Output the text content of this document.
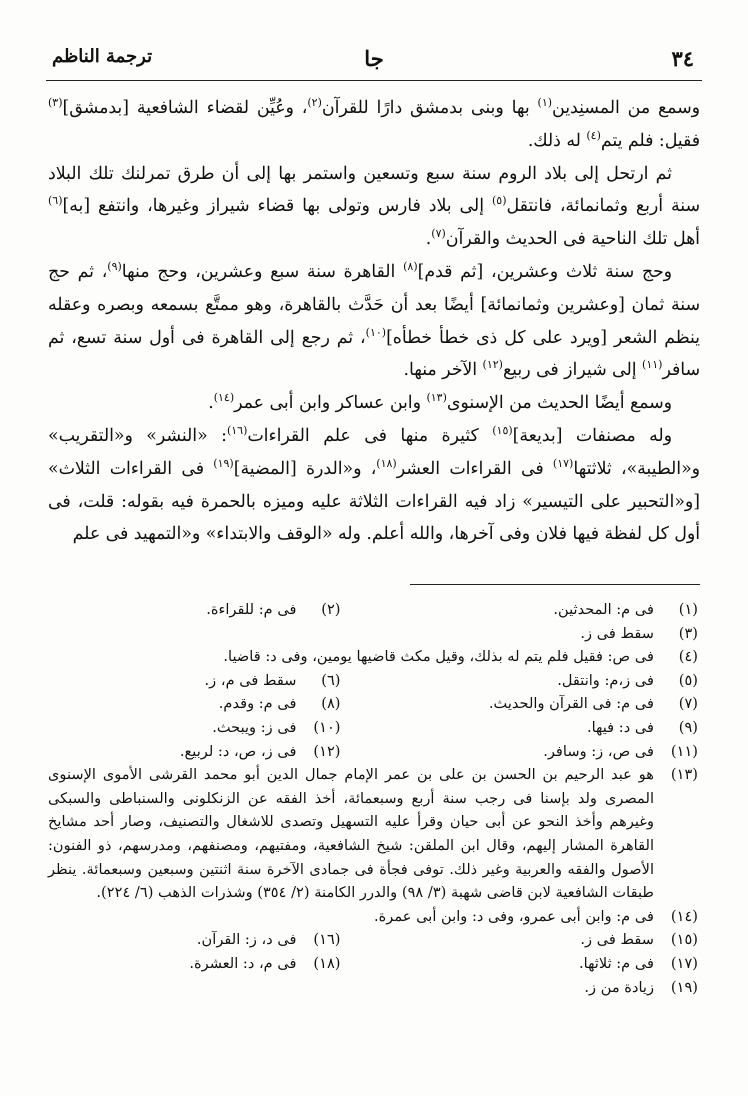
٣٤
جا
ترجمة الناظم

وسمع من المسنِدين$^{(١)}$ بها وبنى بدمشق دارًا للقرآن$^{(٢)}$، وعُيِّن لقضاء الشافعية [بدمشق]$^{(٣)}$ فقيل: فلم يتم$^{(٤)}$ له ذلك.

ثم ارتحل إلى بلاد الروم سنة سبع وتسعين واستمر بها إلى أن طرق تمرلنك تلك البلاد سنة أربع وثمانمائة، فانتقل$^{(٥)}$ إلى بلاد فارس وتولى بها قضاء شيراز وغيرها، وانتفع [به]$^{(٦)}$ أهل تلك الناحية فى الحديث والقرآن$^{(٧)}$.

وحج سنة ثلاث وعشرين، [ثم قدم]$^{(٨)}$ القاهرة سنة سبع وعشرين، وحج منها$^{(٩)}$، ثم حج سنة ثمان [وعشرين وثمانمائة] أيضًا بعد أن حَدَّث بالقاهرة، وهو ممتَّع بسمعه وبصره وعقله ينظم الشعر [ويرد على كل ذى خطأ خطأه]$^{(١٠)}$، ثم رجع إلى القاهرة فى أول سنة تسع، ثم سافر$^{(١١)}$ إلى شيراز فى ربيع$^{(١٢)}$ الآخر منها.

وسمع أيضًا الحديث من الإسنوى$^{(١٣)}$ وابن عساكر وابن أبى عمر$^{(١٤)}$.

وله مصنفات [بديعة]$^{(١٥)}$ كثيرة منها فى علم القراءات$^{(١٦)}$: «النشر» و«التقريب» و«الطيبة»، ثلاثتها$^{(١٧)}$ فى القراءات العشر$^{(١٨)}$، و«الدرة [المضية]$^{(١٩)}$ فى القراءات الثلاث» [و«التحبير على التيسير» زاد فيه القراءات الثلاثة عليه وميزه بالحمرة فيه بقوله: قلت، فى أول كل لفظة فيها فلان وفى آخرها، والله أعلم. وله «الوقف والابتداء» و«التمهيد فى علم

(١)
فى م: المحدثين.
(٢)
فى م: للقراءة.
(٣)
سقط فى ز.
(٤)
فى ص: فقيل فلم يتم له بذلك، وقيل مكث قاضيها يومين، وفى د: قاضيا.
(٥)
فى ز،م: وانتقل.
(٦)
سقط فى م، ز.
(٧)
فى م: فى القرآن والحديث.
(٨)
فى م: وقدم.
(٩)
فى د: فيها.
(١٠)
فى ز: ويبحث.
(١١)
فى ص، ز: وسافر.
(١٢)
فى ز، ص، د: لربيع.
(١٣)
هو عبد الرحيم بن الحسن بن على بن عمر الإمام جمال الدين أبو محمد القرشى الأموى الإسنوى المصرى ولد بإسنا فى رجب سنة أربع وسبعمائة، أخذ الفقه عن الزنكلونى والسنباطى والسبكى وغيرهم وأخذ النحو عن أبى حيان وقرأ عليه التسهيل وتصدى للاشغال والتصنيف، وصار أحد مشايخ القاهرة المشار إليهم، وقال ابن الملقن: شيخ الشافعية، ومفتيهم، ومصنفهم، ومدرسهم، ذو الفنون: الأصول والفقه والعربية وغير ذلك. توفى فجأة فى جمادى الآخرة سنة اثنتين وسبعين وسبعمائة. ينظر طبقات الشافعية لابن قاضى شهبة (٣/ ٩٨) والدرر الكامنة (٢/ ٣٥٤) وشذرات الذهب (٦/ ٢٢٤).
(١٤)
فى م: وابن أبى عمرو، وفى د: وابن أبى عمرة.
(١٥)
سقط فى ز.
(١٦)
فى د، ز: القرآن.
(١٧)
فى م: ثلاثها.
(١٨)
فى م، د: العشرة.
(١٩)
زيادة من ز.
